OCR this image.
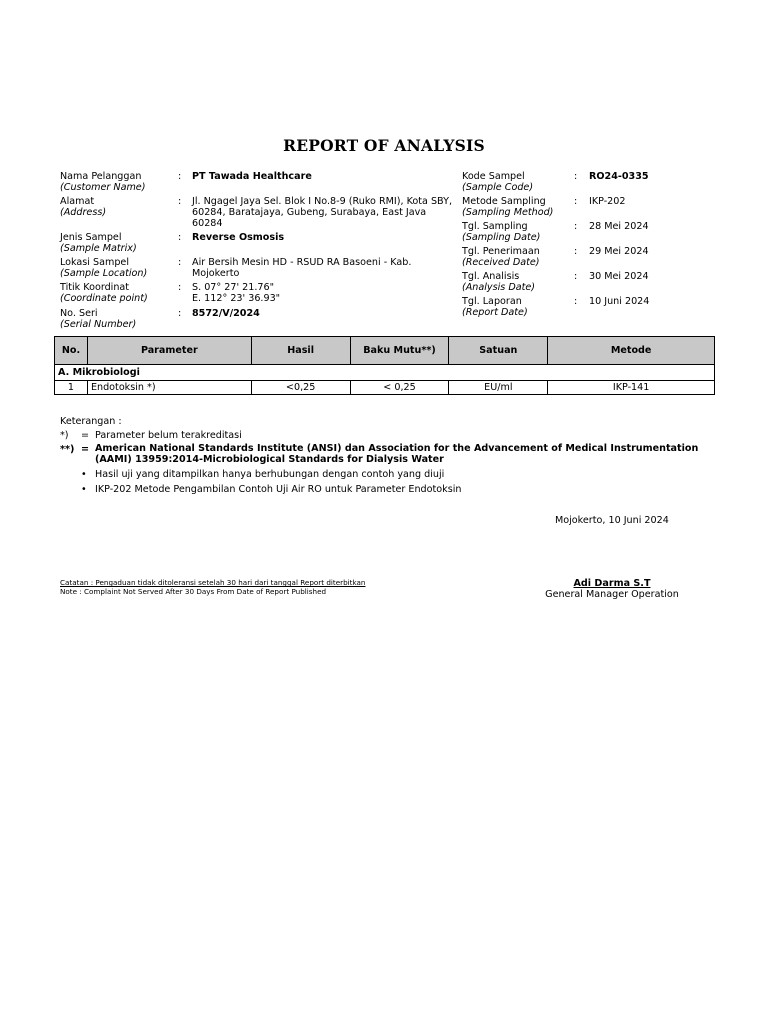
REPORT OF ANALYSIS
Nama Pelanggan
(Customer Name)
: PT Tawada Healthcare
Alamat
(Address)
: Jl. Ngagel Jaya Sel. Blok I No.8-9 (Ruko RMI), Kota SBY, 60284, Baratajaya, Gubeng, Surabaya, East Java 60284
Jenis Sampel
(Sample Matrix)
: Reverse Osmosis
Lokasi Sampel
(Sample Location)
: Air Bersih Mesin HD - RSUD RA Basoeni - Kab. Mojokerto
Titik Koordinat
(Coordinate point)
: S. 07° 27' 21.76"
E. 112° 23' 36.93"
No. Seri
(Serial Number)
: 8572/V/2024
Kode Sampel
(Sample Code)
: RO24-0335
Metode Sampling
(Sampling Method)
: IKP-202
Tgl. Sampling
(Sampling Date)
: 28 Mei 2024
Tgl. Penerimaan
(Received Date)
: 29 Mei 2024
Tgl. Analisis
(Analysis Date)
: 30 Mei 2024
Tgl. Laporan
(Report Date)
: 10 Juni 2024
No.	Parameter	Hasil	Baku Mutu**)	Satuan	Metode
A. Mikrobiologi					
1	Endotoksin *)	<0,25	< 0,25	EU/ml	IKP-141
Keterangan :
*) = Parameter belum terakreditasi
**) = American National Standards Institute (ANSI) dan Association for the Advancement of Medical Instrumentation
(AAMI) 13959:2014-Microbiological Standards for Dialysis Water
• Hasil uji yang ditampilkan hanya berhubungan dengan contoh yang diuji
• IKP-202 Metode Pengambilan Contoh Uji Air RO untuk Parameter Endotoksin
Mojokerto, 10 Juni 2024
Catatan : Pengaduan tidak ditoleransi setelah 30 hari dari tanggal Report diterbitkan
Note : Complaint Not Served After 30 Days From Date of Report Published
Adi Darma S.T
General Manager Operation
